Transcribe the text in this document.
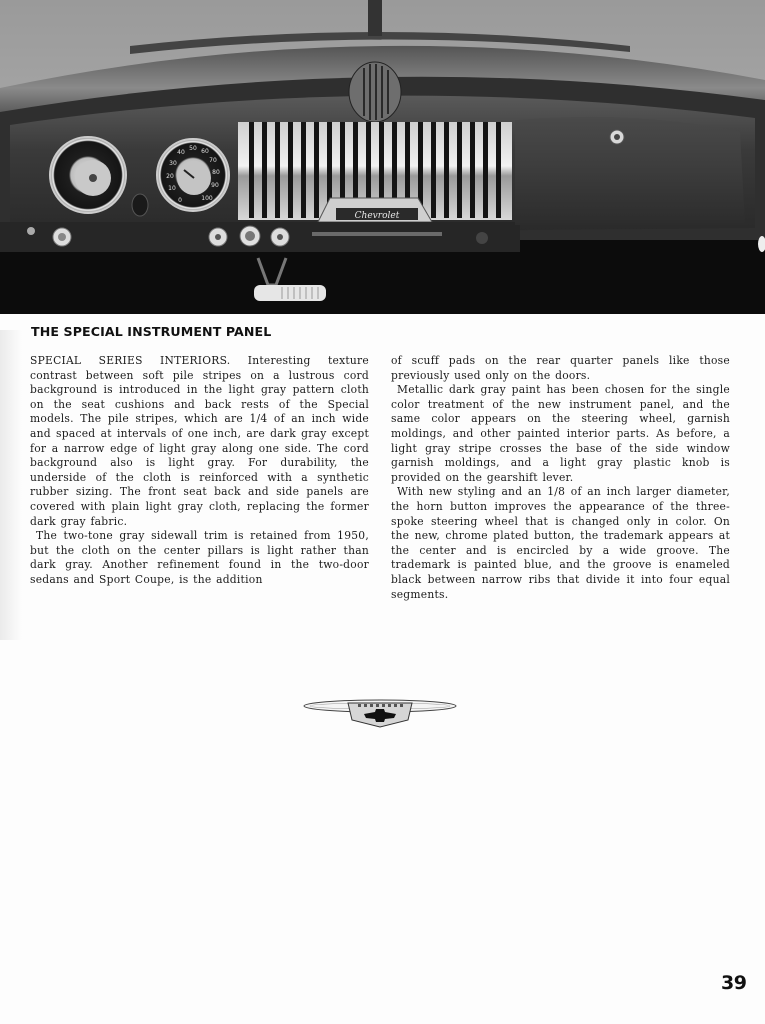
Chevrolet
0
10
20
30
40
50 60
70
80
90
100
THE SPECIAL INSTRUMENT PANEL

SPECIAL SERIES INTERIORS. Interesting texture contrast between soft pile stripes on a lustrous cord background is introduced in the light gray pattern cloth on the seat cushions and back rests of the Special models. The pile stripes, which are 1/4 of an inch wide and spaced at intervals of one inch, are dark gray except for a narrow edge of light gray along one side. The cord background also is light gray. For durability, the underside of the cloth is reinforced with a synthetic rubber sizing. The front seat back and side panels are covered with plain light gray cloth, replacing the former dark gray fabric.

The two-tone gray sidewall trim is retained from 1950, but the cloth on the center pillars is light rather than dark gray. Another refinement found in the two-door sedans and Sport Coupe, is the addition

of scuff pads on the rear quarter panels like those previously used only on the doors.

Metallic dark gray paint has been chosen for the single color treatment of the new instrument panel, and the same color appears on the steering wheel, garnish moldings, and other painted interior parts. As before, a light gray stripe crosses the base of the side window garnish moldings, and a light gray plastic knob is provided on the gearshift lever.

With new styling and an 1/8 of an inch larger diameter, the horn button improves the appearance of the three-spoke steering wheel that is changed only in color. On the new, chrome plated button, the trademark appears at the center and is encircled by a wide groove. The trademark is painted blue, and the groove is enameled black between narrow ribs that divide it into four equal segments.

39
